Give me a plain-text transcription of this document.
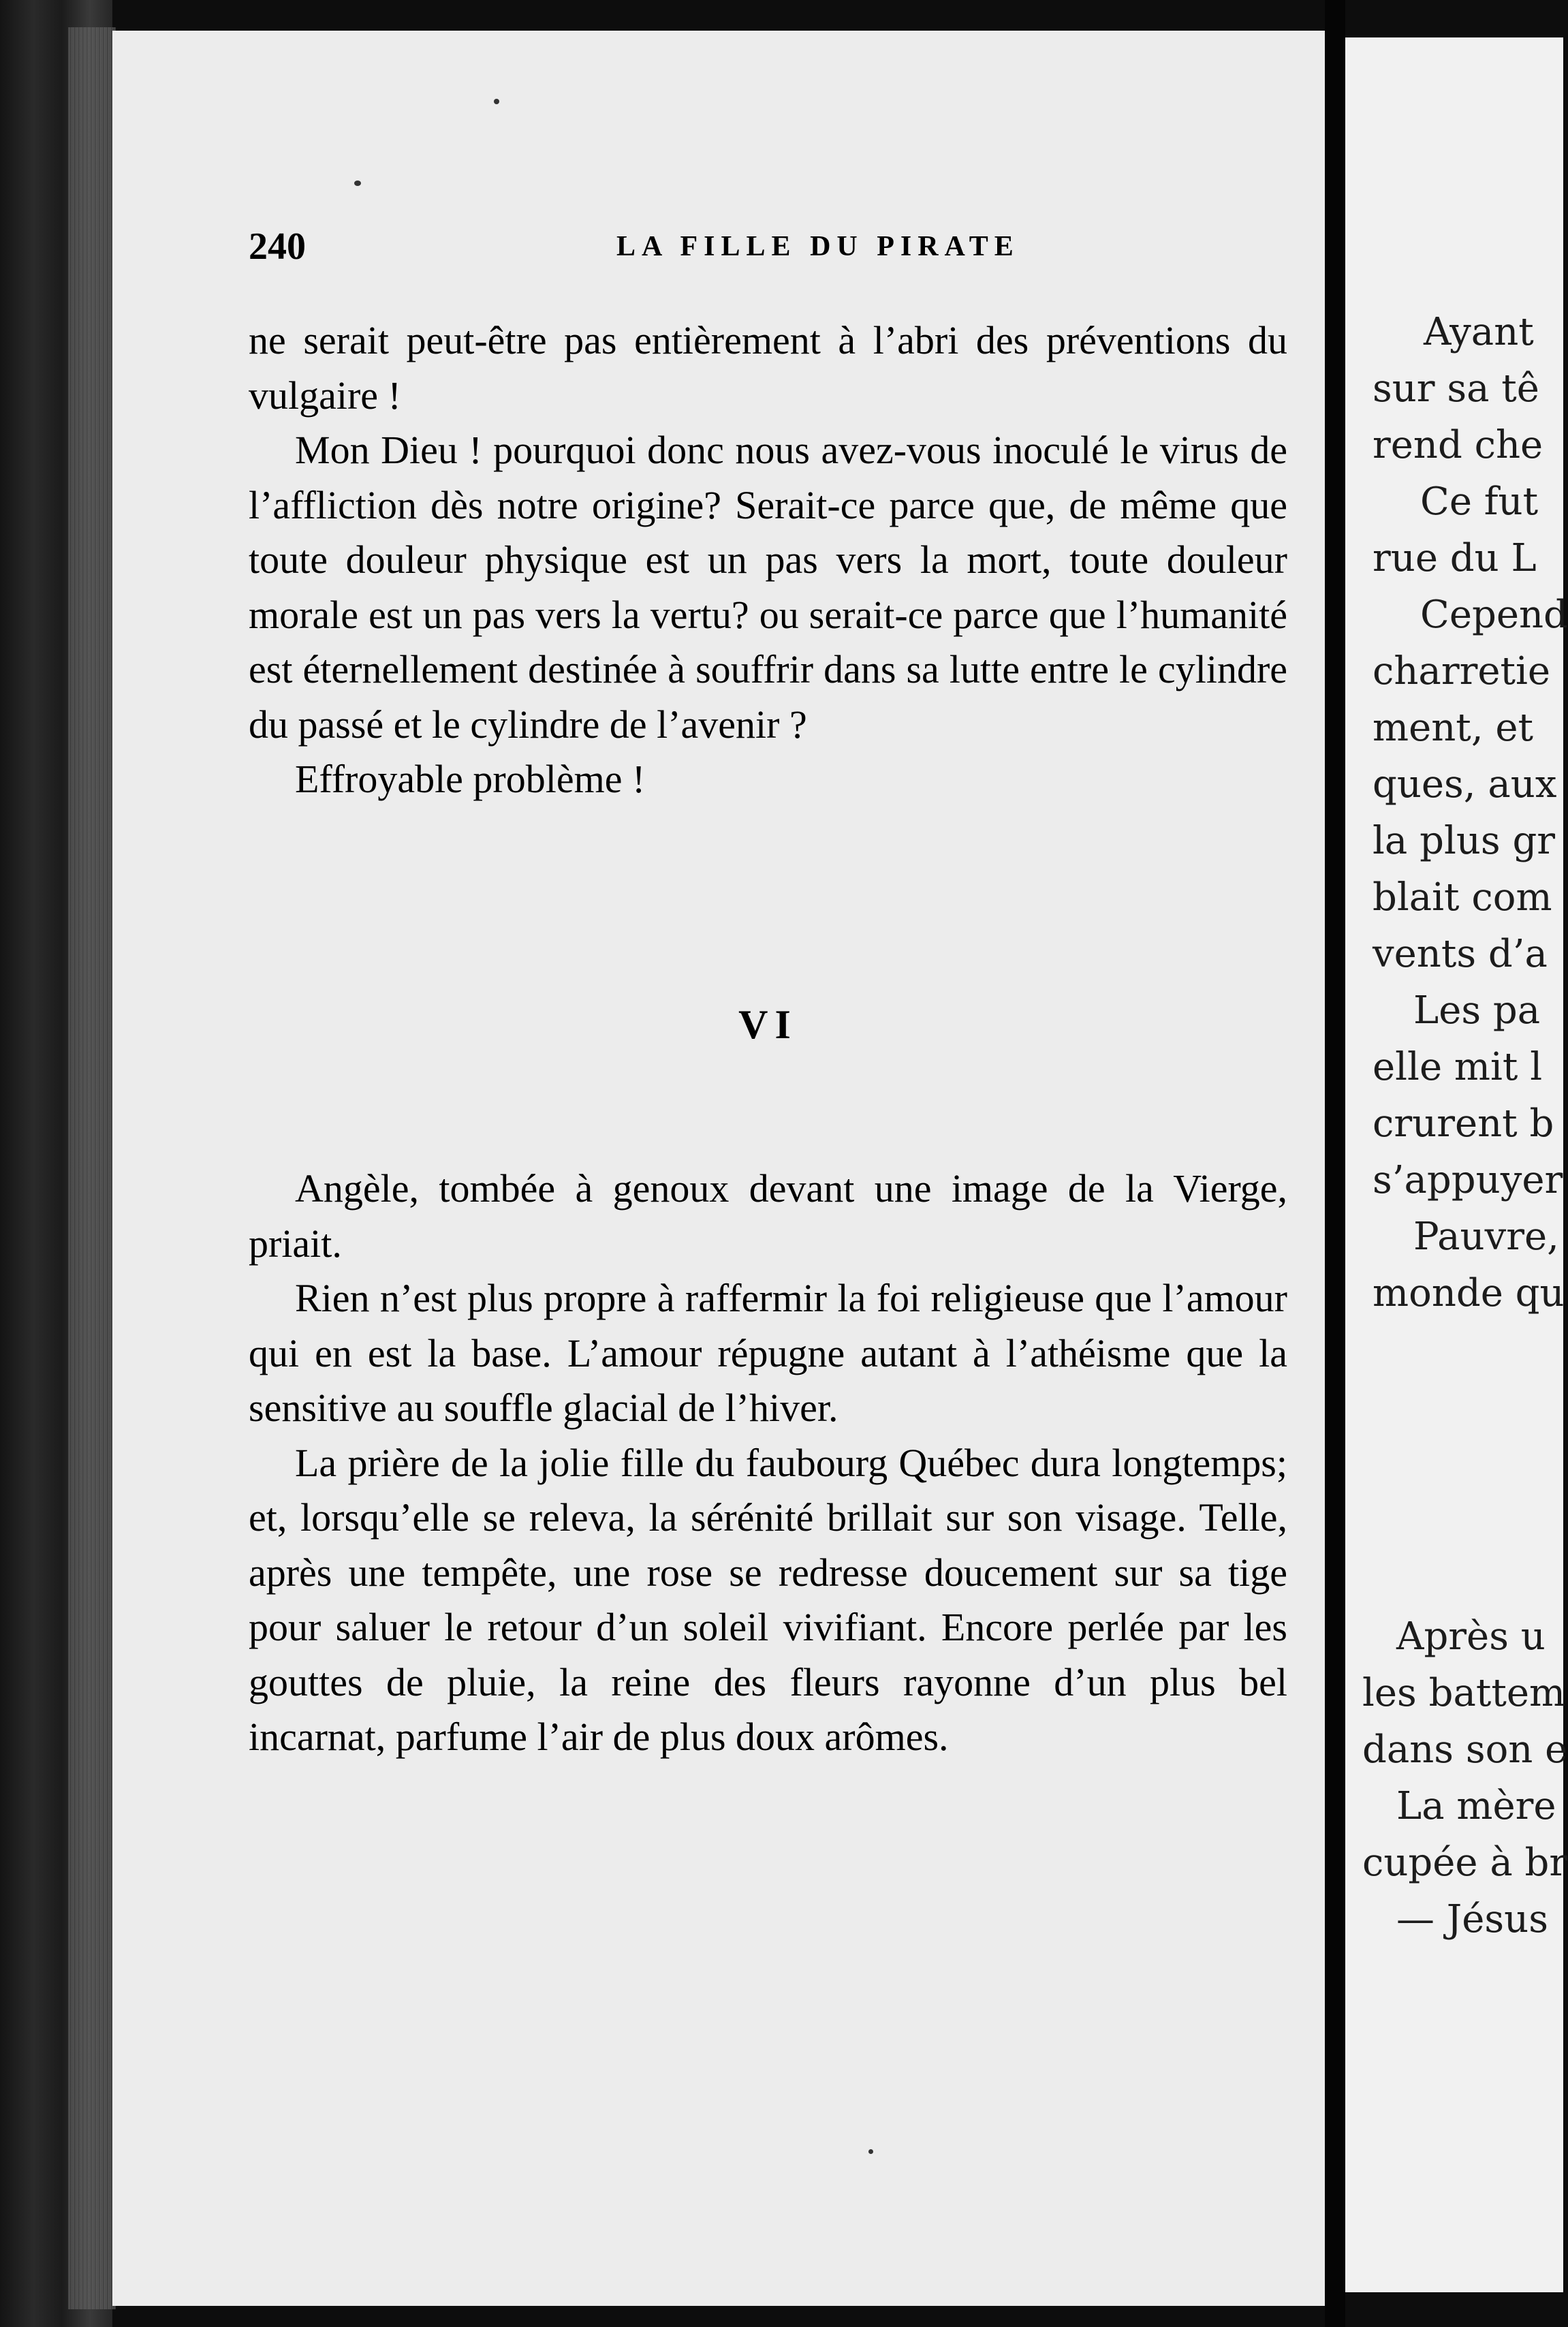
240	LA FILLE DU PIRATE

ne serait peut-être pas entièrement à l’abri des préventions du vulgaire !

Mon Dieu ! pourquoi donc nous avez-vous inoculé le virus de l’affliction dès notre origine? Serait-ce parce que, de même que toute douleur physique est un pas vers la mort, toute douleur morale est un pas vers la vertu? ou serait-ce parce que l’humanité est éternellement destinée à souffrir dans sa lutte entre le cylindre du passé et le cylindre de l’avenir ?

Effroyable problème !

VI

Angèle, tombée à genoux devant une image de la Vierge, priait.

Rien n’est plus propre à raffermir la foi religieuse que l’amour qui en est la base. L’amour répugne autant à l’athéisme que la sensitive au souffle glacial de l’hiver.

La prière de la jolie fille du faubourg Québec dura longtemps; et, lorsqu’elle se releva, la sérénité brillait sur son visage. Telle, après une tempête, une rose se redresse doucement sur sa tige pour saluer le retour d’un soleil vivifiant. Encore perlée par les gouttes de pluie, la reine des fleurs rayonne d’un plus bel incarnat, parfume l’air de plus doux arômes.

Ayant
sur sa tê
rend che
Ce fut
rue du L
Cepend
charretie
ment, et
ques, aux
la plus gr
blait com
vents d’a
Les pa
elle mit l
crurent b
s’appuyer
Pauvre,
monde qu
Après u
les battem
dans son e
La mère
cupée à br
— Jésus
